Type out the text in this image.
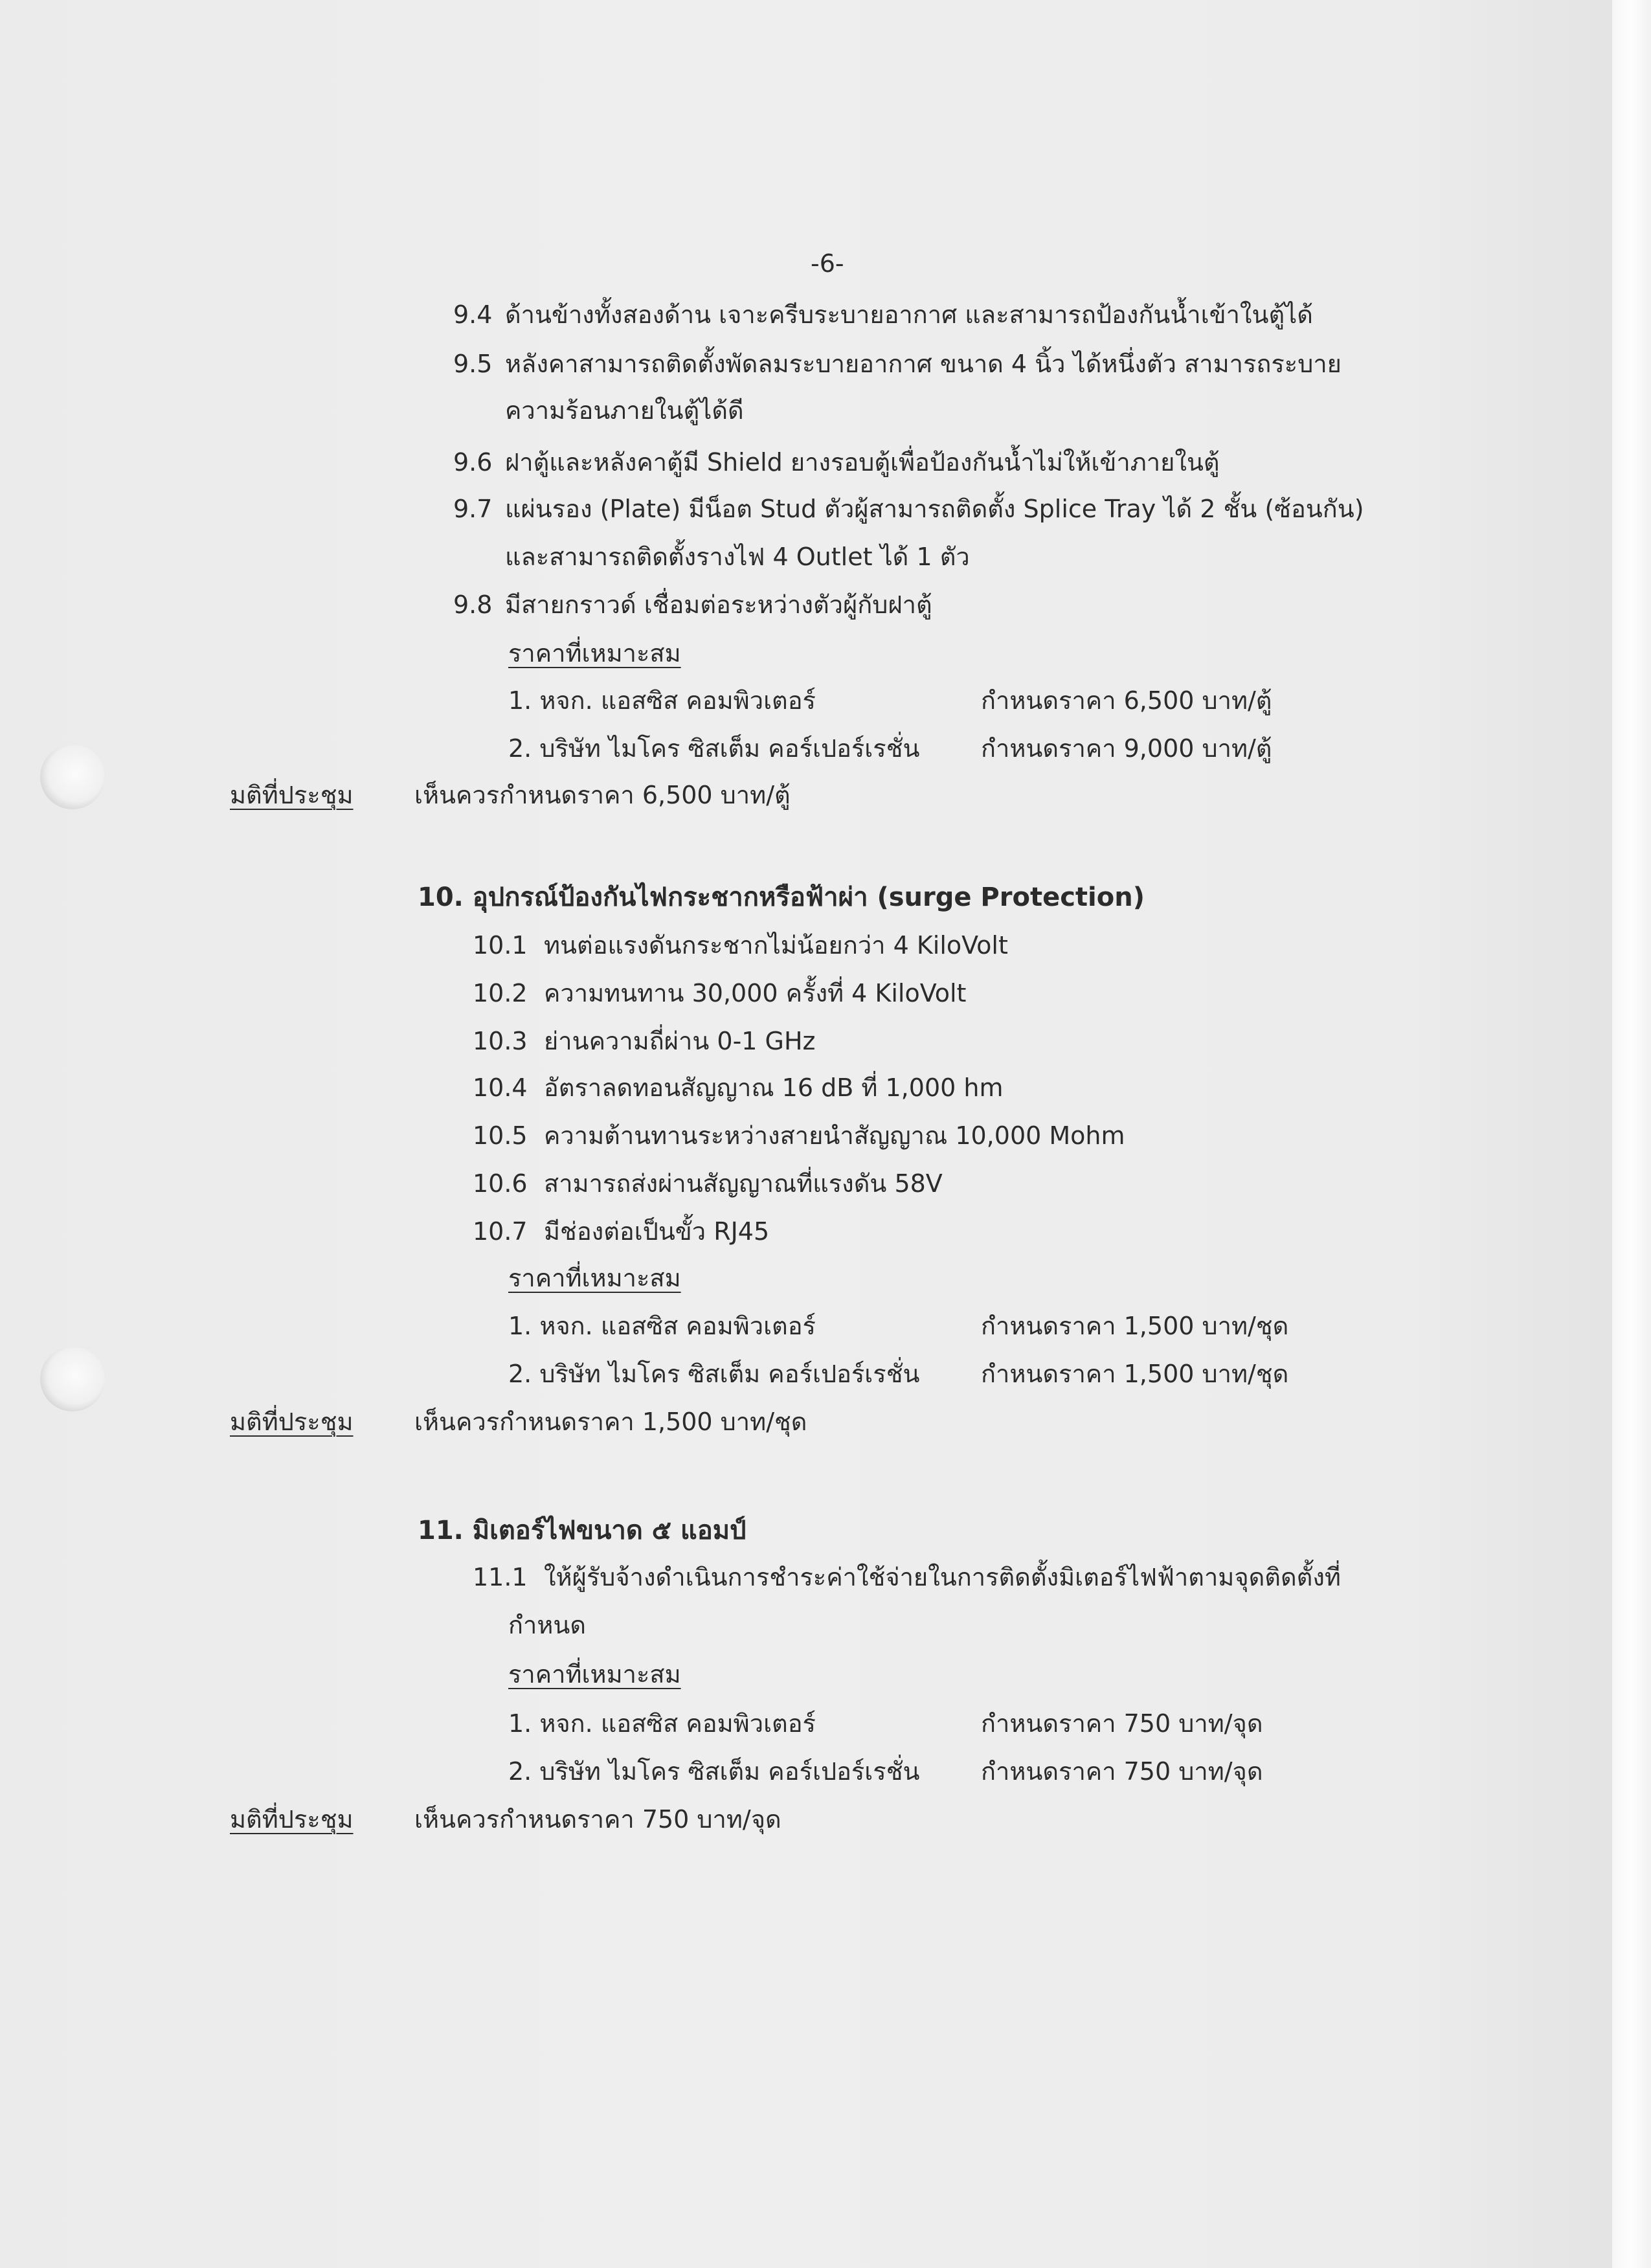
-6-
9.4 ด้านข้างทั้งสองด้าน เจาะครีบระบายอากาศ และสามารถป้องกันน้ำเข้าในตู้ได้
9.5 หลังคาสามารถติดตั้งพัดลมระบายอากาศ ขนาด 4 นิ้ว ได้หนึ่งตัว สามารถระบาย
ความร้อนภายในตู้ได้ดี
9.6 ฝาตู้และหลังคาตู้มี Shield ยางรอบตู้เพื่อป้องกันน้ำไม่ให้เข้าภายในตู้
9.7 แผ่นรอง (Plate) มีน็อต Stud ตัวผู้สามารถติดตั้ง Splice Tray ได้ 2 ชั้น (ซ้อนกัน)
และสามารถติดตั้งรางไฟ 4 Outlet ได้ 1 ตัว
9.8 มีสายกราวด์ เชื่อมต่อระหว่างตัวผู้กับฝาตู้
ราคาที่เหมาะสม
1. หจก. แอสซิส คอมพิวเตอร์	กำหนดราคา 6,500 บาท/ตู้
2. บริษัท ไมโคร ซิสเต็ม คอร์เปอร์เรชั่น กำหนดราคา 9,000 บาท/ตู้
มติที่ประชุม เห็นควรกำหนดราคา 6,500 บาท/ตู้
10. อุปกรณ์ป้องกันไฟกระชากหรือฟ้าผ่า (surge Protection)
10.1 ทนต่อแรงดันกระชากไม่น้อยกว่า 4 KiloVolt
10.2 ความทนทาน 30,000 ครั้งที่ 4 KiloVolt
10.3 ย่านความถี่ผ่าน 0-1 GHz
10.4 อัตราลดทอนสัญญาณ 16 dB ที่ 1,000 hm
10.5 ความต้านทานระหว่างสายนำสัญญาณ 10,000 Mohm
10.6 สามารถส่งผ่านสัญญาณที่แรงดัน 58V
10.7 มีช่องต่อเป็นขั้ว RJ45
ราคาที่เหมาะสม
1. หจก. แอสซิส คอมพิวเตอร์	กำหนดราคา 1,500 บาท/ชุด
2. บริษัท ไมโคร ซิสเต็ม คอร์เปอร์เรชั่น กำหนดราคา 1,500 บาท/ชุด
มติที่ประชุม เห็นควรกำหนดราคา 1,500 บาท/ชุด
11. มิเตอร์ไฟขนาด ๕ แอมป์
11.1 ให้ผู้รับจ้างดำเนินการชำระค่าใช้จ่ายในการติดตั้งมิเตอร์ไฟฟ้าตามจุดติดตั้งที่
กำหนด
ราคาที่เหมาะสม
1. หจก. แอสซิส คอมพิวเตอร์	กำหนดราคา 750 บาท/จุด
2. บริษัท ไมโคร ซิสเต็ม คอร์เปอร์เรชั่น กำหนดราคา 750 บาท/จุด
มติที่ประชุม เห็นควรกำหนดราคา 750 บาท/จุด
